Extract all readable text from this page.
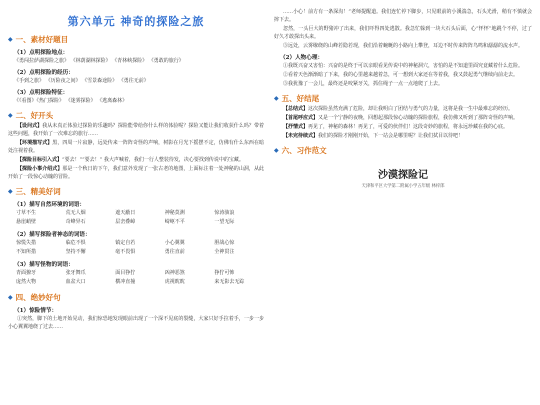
第六单元 神奇的探险之旅
◆ 一、素材好题目
（1）点明探险地点：
《勇闯拉萨湖探险之旅》 《林荫湖林探险》 《青林峡探险》 《勇敢的旅行》
（2）点明探险的经历：
《手到之旅》 《历险夜之间》 《雪景森途险》 《勇往无前》
（3）点明探险特征：
《《看图》《热门探险》 《迷雾探险》 《逃离森林》
◆ 二、好开头

【设问式】我从未真正体验过探险的乐趣吗？探险能带给你什么样的体验呢？探险又能让我们收获什么吗？带着这些问题，我开始了一次难忘的旅行……

【环境描写式】黑，四周一片寂静，远处传来一阵阵奇怪的声响，树影在月光下摇摆不定，仿佛有什么东西在暗处注视着我。

【探险目标引入式】“要去！””要去！” 我大声喊着，我们一行人整装待发，决心要找到传说中的宝藏。

【探险小事介绍式】那是一个秋日的下午，我们意外发现了一张古老的地图，上面标注着一处神秘的山洞，从此开始了一段惊心动魄的冒险。

◆ 三、精美好词
（1）描写自然环境的词语：
寸草不生	荒无人烟	遮天蔽日	神秘莫测	惊涛骇浪
悬崖峭壁	奇峰异石	层峦叠嶂	崎岖不平	一望无际
（2）描写探险者神态的词语：
惊慌失措	临危不惧	镇定自若	小心翼翼	胆战心惊
不知所措	坚持不懈	毫不畏惧	勇往直前	全神贯注
（3）描写怪物的词语：
青面獠牙	张牙舞爪	面目狰狞	凶神恶煞	狰狞可怖
庞然大物	血盆大口	横冲直撞	虎视眈眈	来无影去无踪
◆ 四、绝妙好句
（1）惊险情节：

①突然，脚下的土地开始晃动，我们惊恐地发现眼前出现了一个深不见底的裂缝，大家只好手拉着手，一步一步小心翼翼地绕了过去……

……小心！前方有一条深沟！”老师提醒道。我们连忙停下脚步，只见眼前的小溪湍急，石头光滑，稍有不慎就会摔下去。

忽然，一头巨大的野猪冲了出来，我们吓得四处逃散。我急忙躲到一块大石头后面，心“怦怦”地跳个不停，过了好久才敢探出头来。

③远处，云雾缭绕的山峰若隐若现，我们沿着蜿蜒的小路向上攀登，耳边不时传来阵阵鸟鸣和潺潺的流水声。

（2）人物心理：

①我既兴奋又害怕：兴奋的是终于可以亲眼看见传说中的神秘洞穴，害怕的是不知道里面究竟藏着什么危险。

②看着天色渐渐暗了下来，我的心里越来越着急，可一想到大家还在等着我，我又鼓起勇气继续向前走去。

③我犹豫了一会儿，最终还是咬紧牙关，抓住绳子一点一点地爬了上去。

◆ 五、好结尾

【总结式】这次探险虽然充满了危险，却让我明白了团结与勇气的力量，这将是我一生中最难忘的经历。

【首尾呼应式】又是一个宁静的夜晚，回想起那段惊心动魄的探险旅程，我仿佛又听到了那阵奇怪的声响。

【抒情式】再见了，神秘的森林！再见了，可爱的伙伴们！这段奇妙的旅程，将永远珍藏在我的心底。

【未完待续式】我们的探险才刚刚开始，下一站会是哪里呢？让我们拭目以待吧！

◆ 六、习作范文
沙漠探险记
天津和平区大学第二附属小学五年级 林梓郎
